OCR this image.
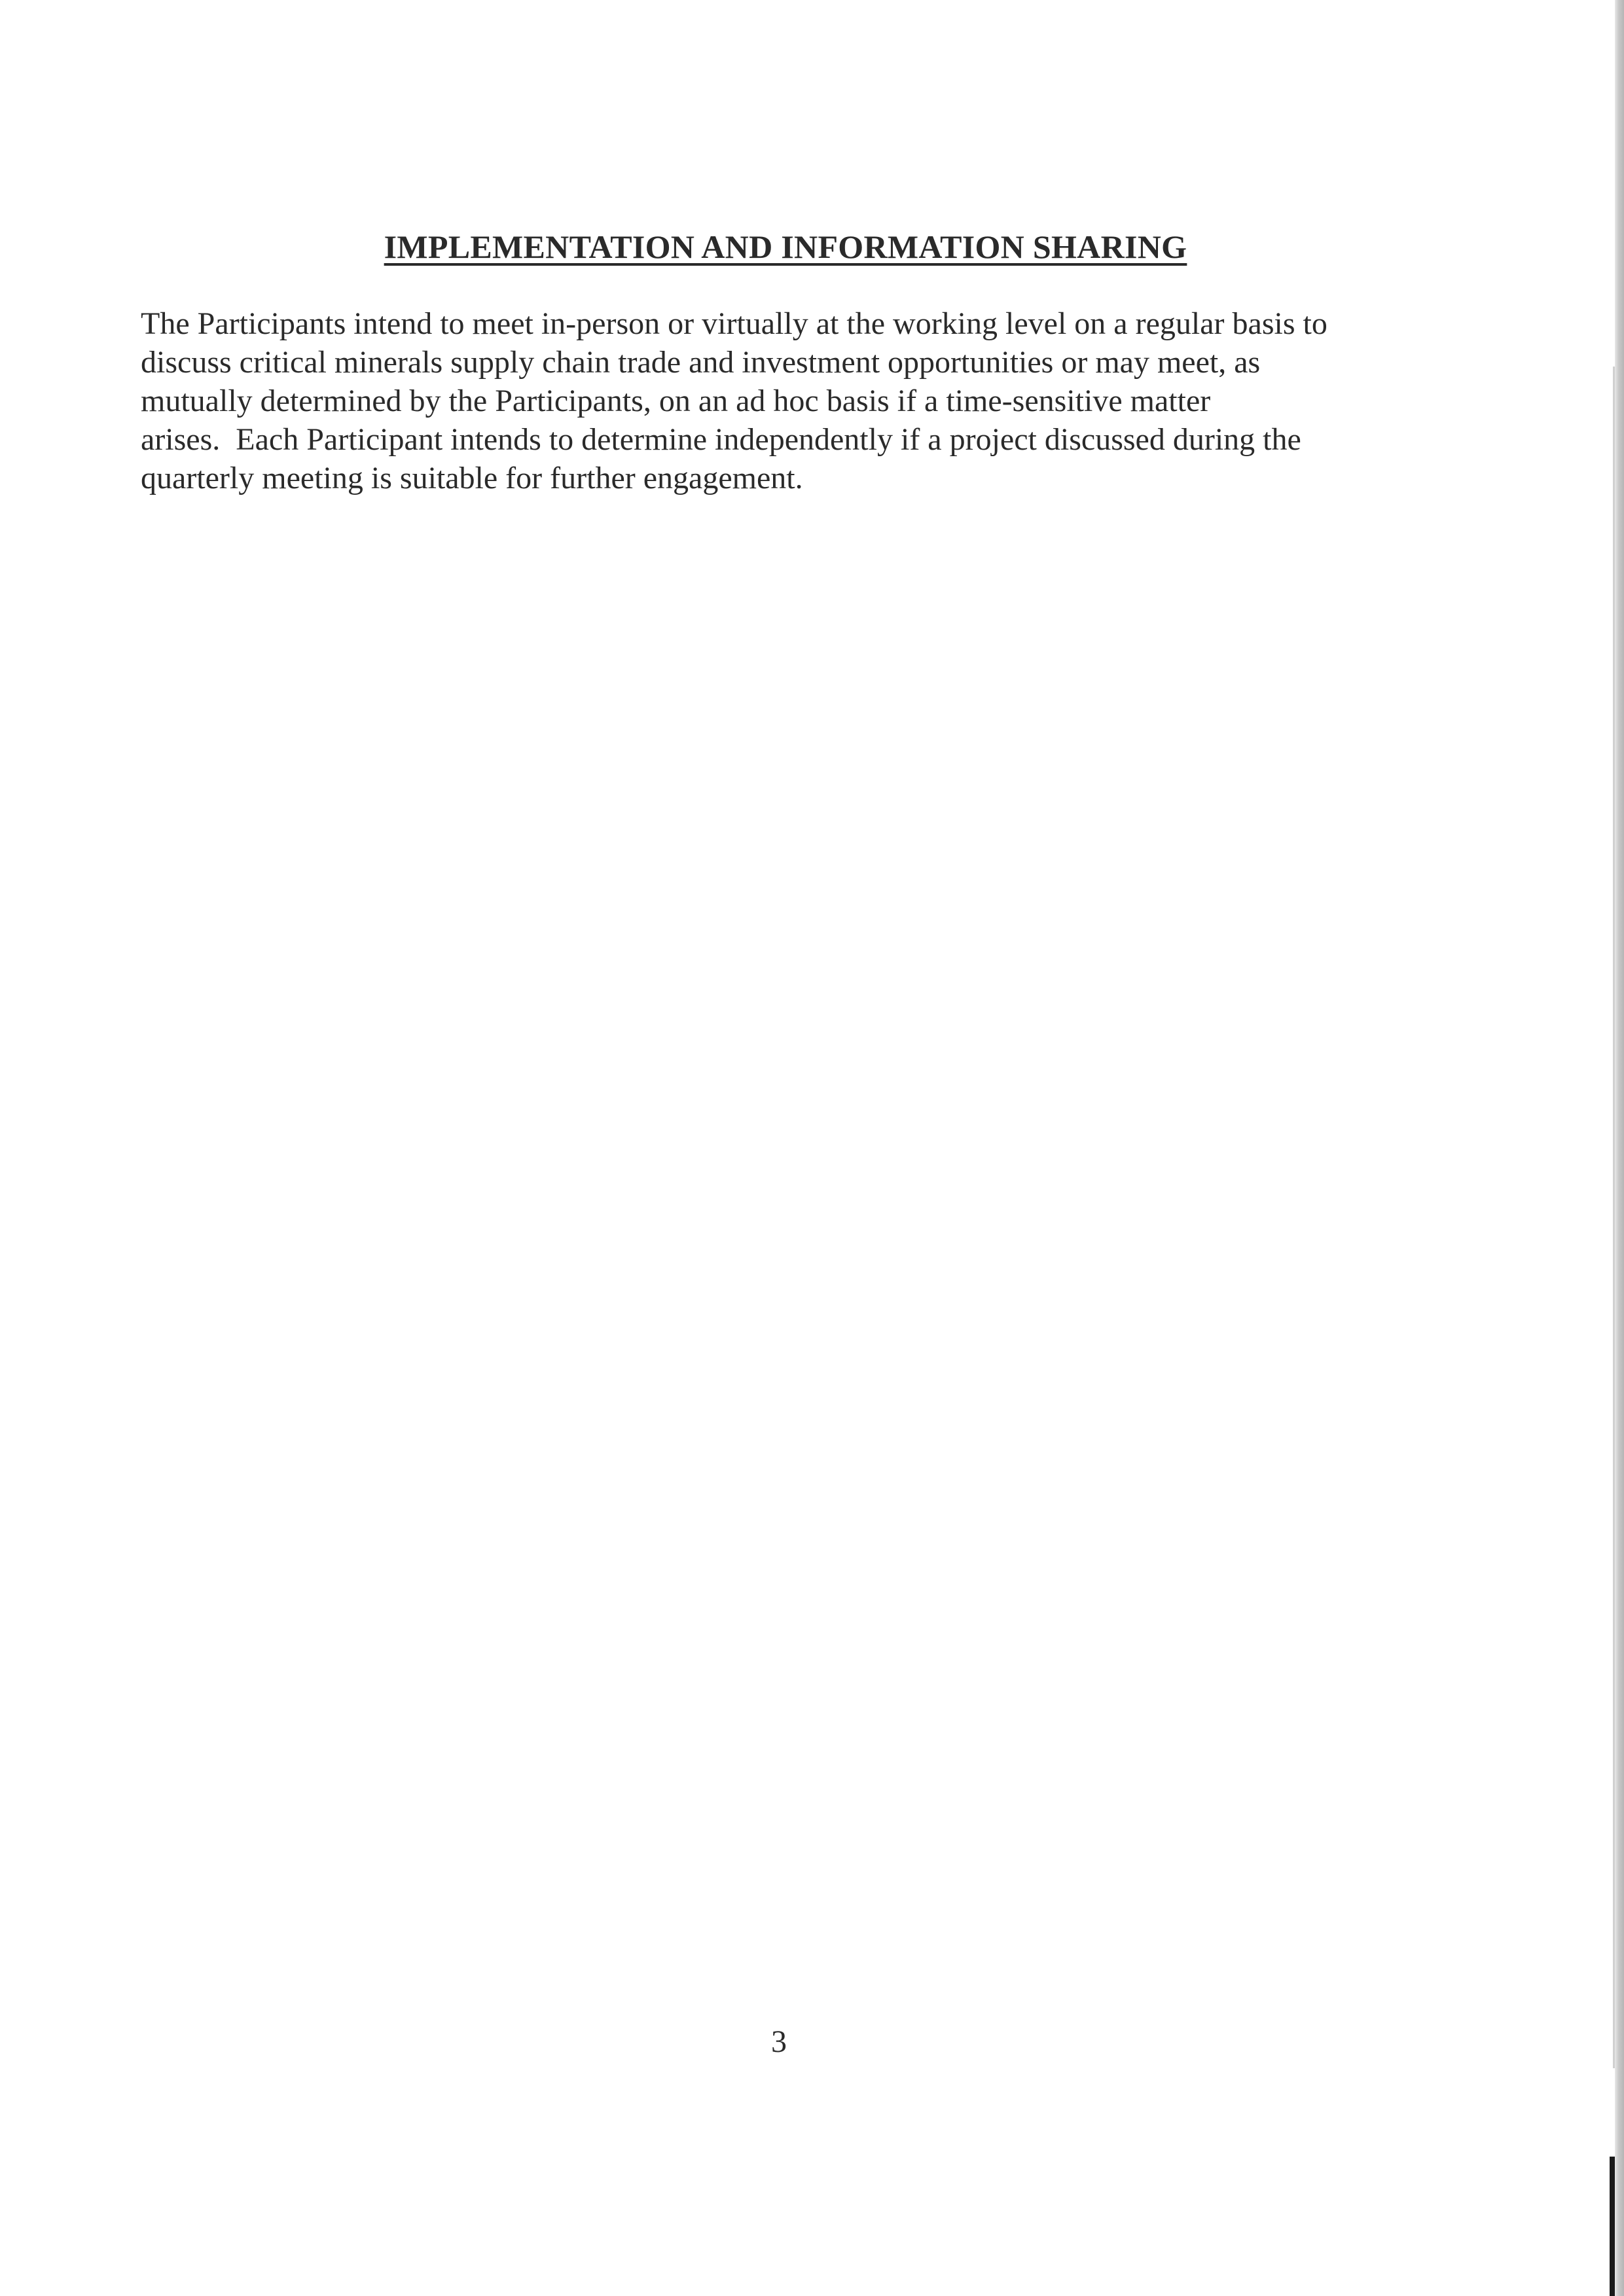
IMPLEMENTATION AND INFORMATION SHARING
The Participants intend to meet in-person or virtually at the working level on a regular basis to
discuss critical minerals supply chain trade and investment opportunities or may meet, as
mutually determined by the Participants, on an ad hoc basis if a time-sensitive matter
arises.  Each Participant intends to determine independently if a project discussed during the
quarterly meeting is suitable for further engagement.
3
